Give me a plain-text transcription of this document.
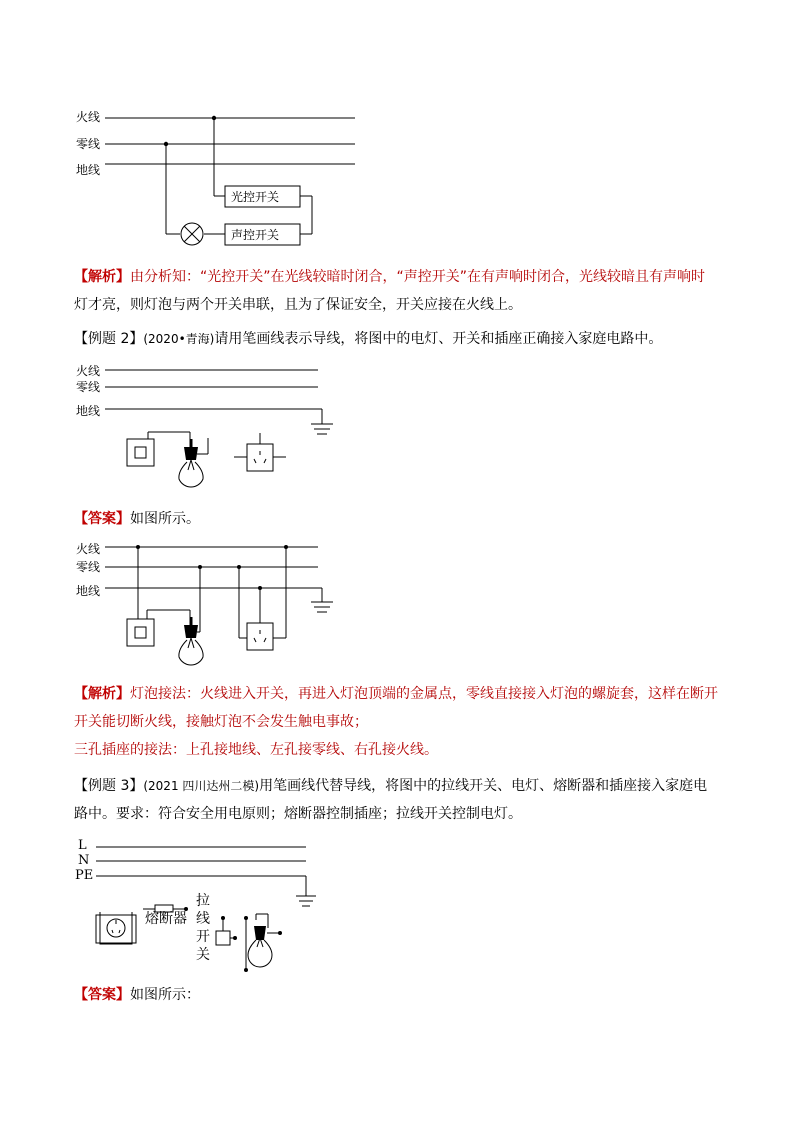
火线
零线
地线
光控开关
声控开关
【解析】由分析知：“光控开关”在光线较暗时闭合，“声控开关”在有声响时闭合，光线较暗且有声响时
灯才亮，则灯泡与两个开关串联，且为了保证安全，开关应接在火线上。
【例题 2】(2020•青海)请用笔画线表示导线，将图中的电灯、开关和插座正确接入家庭电路中。
火线
零线
地线
【答案】如图所示。
火线
零线
地线
【解析】灯泡接法：火线进入开关，再进入灯泡顶端的金属点，零线直接接入灯泡的螺旋套，这样在断开
开关能切断火线，接触灯泡不会发生触电事故；
三孔插座的接法：上孔接地线、左孔接零线、右孔接火线。
【例题 3】(2021 四川达州二模)用笔画线代替导线，将图中的拉线开关、电灯、熔断器和插座接入家庭电
路中。要求：符合安全用电原则；熔断器控制插座；拉线开关控制电灯。
L
N
PE
熔断器
拉
线
开
关
【答案】如图所示：
